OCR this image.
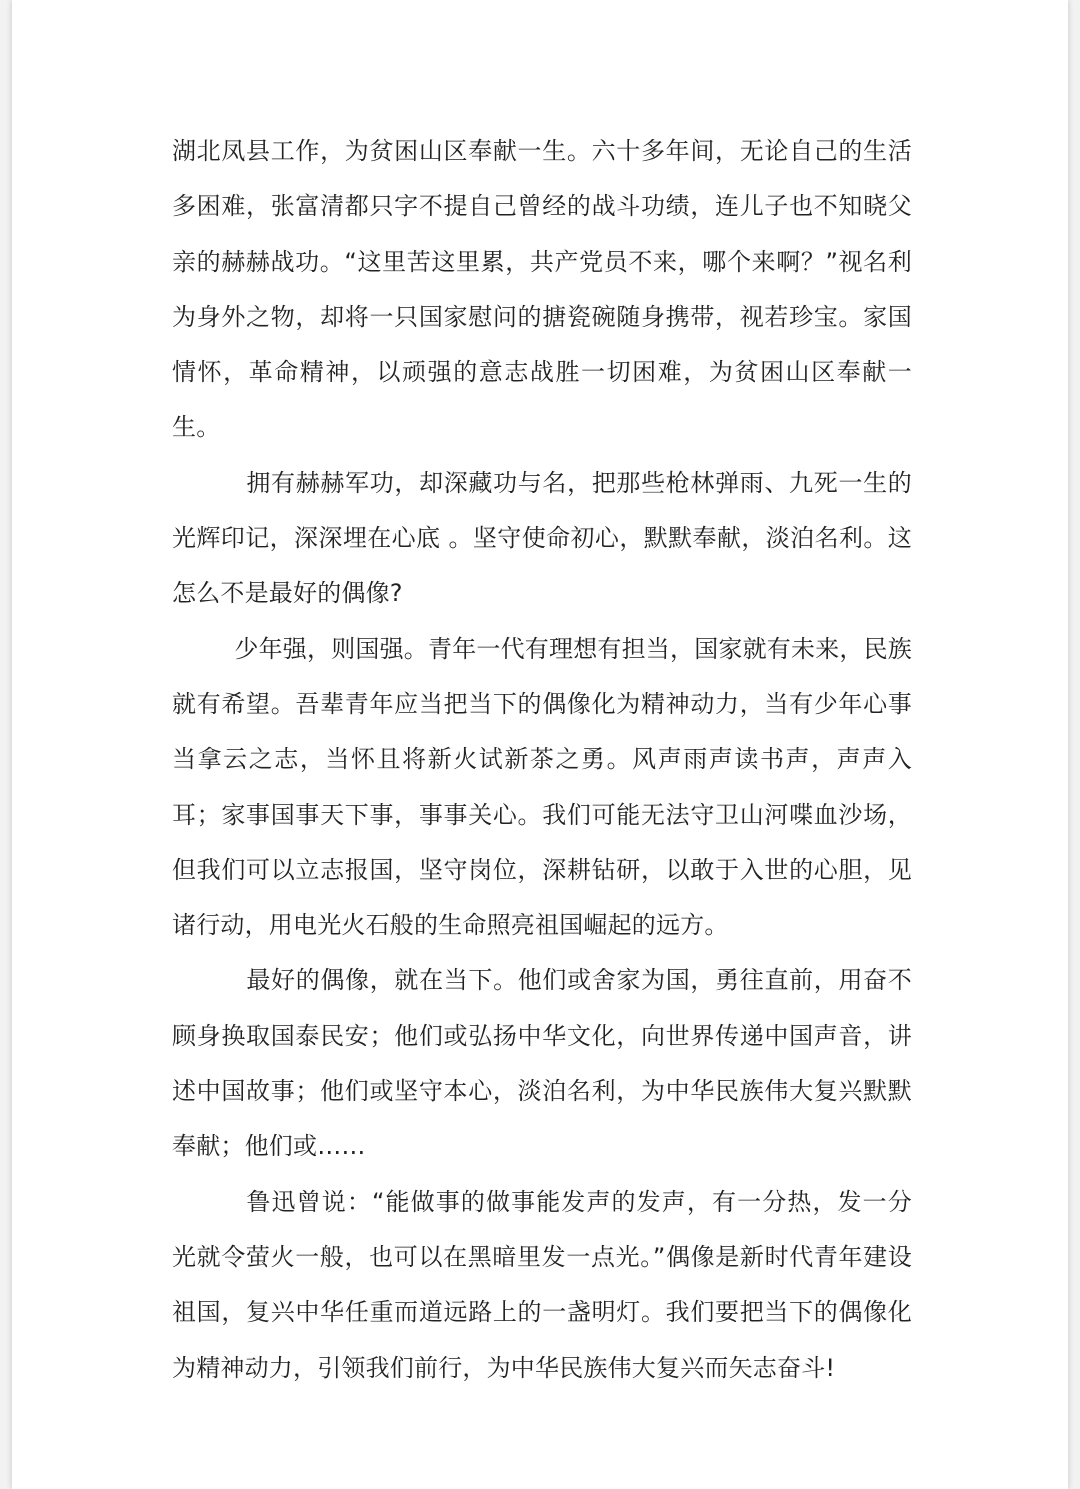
湖北凤县工作，为贫困山区奉献一生。六十多年间，无论自己的生活多困难，张富清都只字不提自己曾经的战斗功绩，连儿子也不知晓父亲的赫赫战功。“这里苦这里累，共产党员不来，哪个来啊？”视名利为身外之物，却将一只国家慰问的搪瓷碗随身携带，视若珍宝。家国情怀，革命精神，以顽强的意志战胜一切困难，为贫困山区奉献一生。

拥有赫赫军功，却深藏功与名，把那些枪林弹雨、九死一生的光辉印记，深深埋在心底 。坚守使命初心，默默奉献，淡泊名利。这怎么不是最好的偶像?

少年强，则国强。青年一代有理想有担当，国家就有未来，民族就有希望。吾辈青年应当把当下的偶像化为精神动力，当有少年心事当拿云之志，当怀且将新火试新茶之勇。风声雨声读书声，声声入耳；家事国事天下事，事事关心。我们可能无法守卫山河喋血沙场，但我们可以立志报国，坚守岗位，深耕钻研，以敢于入世的心胆，见诸行动，用电光火石般的生命照亮祖国崛起的远方。

最好的偶像，就在当下。他们或舍家为国，勇往直前，用奋不顾身换取国泰民安；他们或弘扬中华文化，向世界传递中国声音，讲述中国故事；他们或坚守本心，淡泊名利，为中华民族伟大复兴默默奉献；他们或……

鲁迅曾说：“能做事的做事能发声的发声，有一分热，发一分光就令萤火一般，也可以在黑暗里发一点光。”偶像是新时代青年建设祖国，复兴中华任重而道远路上的一盏明灯。我们要把当下的偶像化为精神动力，引领我们前行，为中华民族伟大复兴而矢志奋斗!
